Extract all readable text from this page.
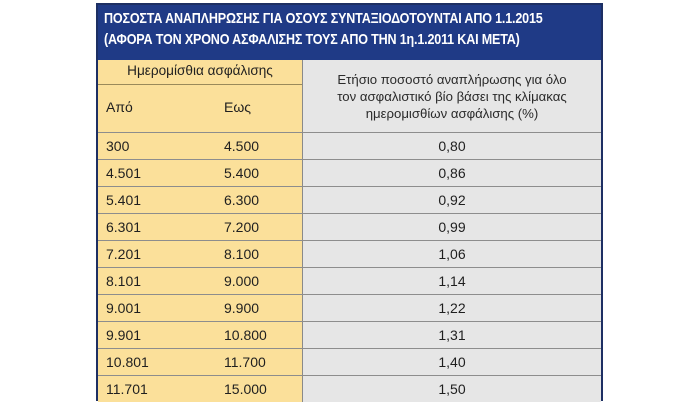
ΠΟΣΟΣΤΑ ΑΝΑΠΛΗΡΩΣΗΣ ΓΙΑ ΟΣΟΥΣ ΣΥΝΤΑΞΙΟΔΟΤΟΥΝΤΑΙ ΑΠΟ 1.1.2015
(ΑΦΟΡΑ ΤΟΝ ΧΡΟΝΟ ΑΣΦΑΛΙΣΗΣ ΤΟΥΣ ΑΠΟ ΤΗΝ 1η.1.2011 ΚΑΙ ΜΕΤΑ)
Ημερομίσθια ασφάλισης
Από	Εως
Ετήσιο ποσοστό αναπλήρωσης για όλο
τον ασφαλιστικό βίο βάσει της κλίμακας
ημερομισθίων ασφάλισης (%)
300	4.500	0,80
4.501	5.400	0,86
5.401	6.300	0,92
6.301	7.200	0,99
7.201	8.100	1,06
8.101	9.000	1,14
9.001	9.900	1,22
9.901	10.800	1,31
10.801	11.700	1,40
11.701	15.000	1,50
